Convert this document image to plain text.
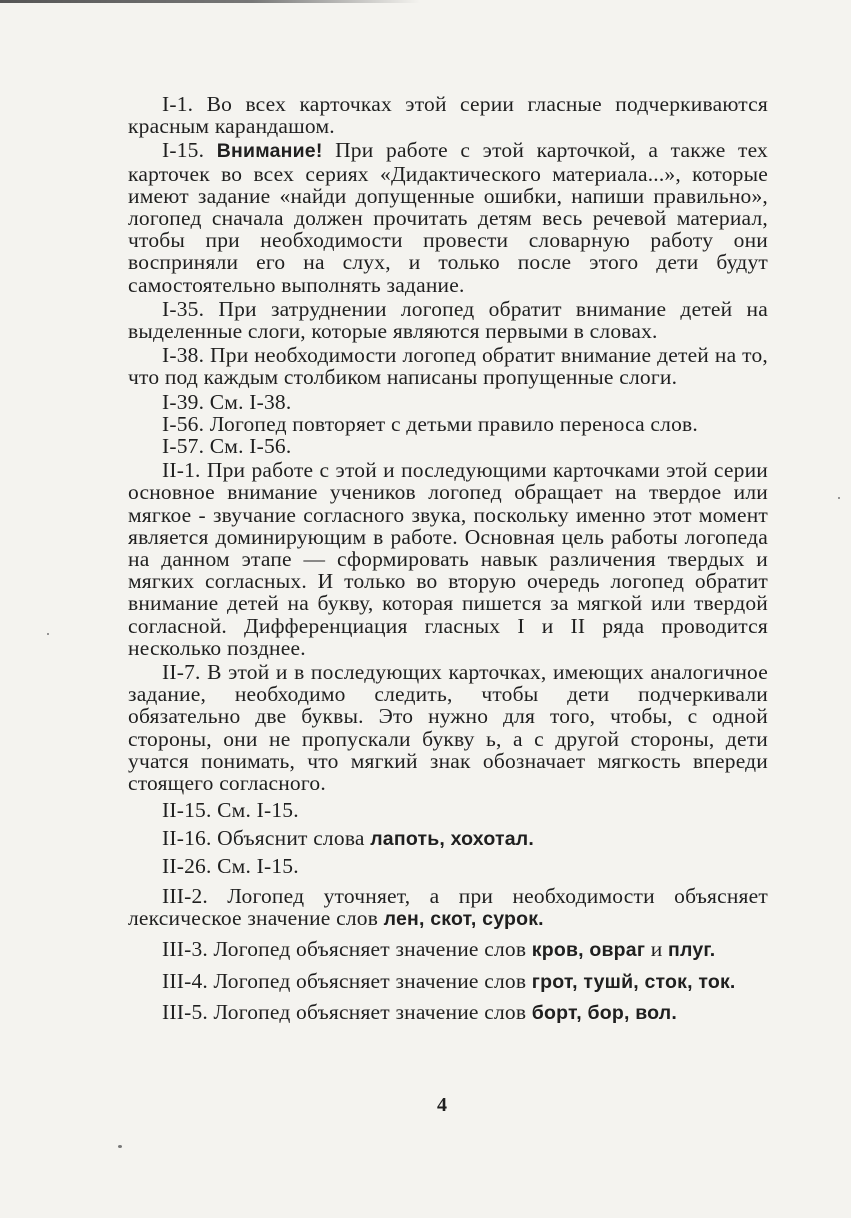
I-1. Во всех карточках этой серии гласные подчеркиваются красным карандашом.

I-15. Внимание! При работе с этой карточкой, а также тех карточек во всех сериях «Дидактического материала...», которые имеют задание «найди допущенные ошибки, напиши правильно», логопед сначала должен прочитать детям весь речевой материал, чтобы при необходимости провести словарную работу они восприняли его на слух, и только после этого дети будут самостоятельно выполнять задание.

I-35. При затруднении логопед обратит внимание детей на выделенные слоги, которые являются первыми в словах.

I-38. При необходимости логопед обратит внимание детей на то, что под каждым столбиком написаны пропущенные слоги.

I-39. См. I-38.

I-56. Логопед повторяет с детьми правило переноса слов.

I-57. См. I-56.

II-1. При работе с этой и последующими карточками этой серии основное внимание учеников логопед обращает на твердое или мягкое - звучание согласного звука, поскольку именно этот момент является доминирующим в работе. Основная цель работы логопеда на данном этапе — сформировать навык различения твердых и мягких согласных. И только во вторую очередь логопед обратит внимание детей на букву, которая пишется за мягкой или твердой согласной. Дифференциация гласных I и II ряда проводится несколько позднее.

II-7. В этой и в последующих карточках, имеющих аналогичное задание, необходимо следить, чтобы дети подчеркивали обязательно две буквы. Это нужно для того, чтобы, с одной стороны, они не пропускали букву ь, а с другой стороны, дети учатся понимать, что мягкий знак обозначает мягкость впереди стоящего согласного.

II-15. См. I-15.

II-16. Объяснит слова лапоть, хохотал.

II-26. См. I-15.

III-2. Логопед уточняет, а при необходимости объясняет лексическое значение слов лен, скот, сурок.

III-3. Логопед объясняет значение слов кров, овраг и плуг.

III-4. Логопед объясняет значение слов грот, тушй, сток, ток.

III-5. Логопед объясняет значение слов борт, бор, вол.

4
